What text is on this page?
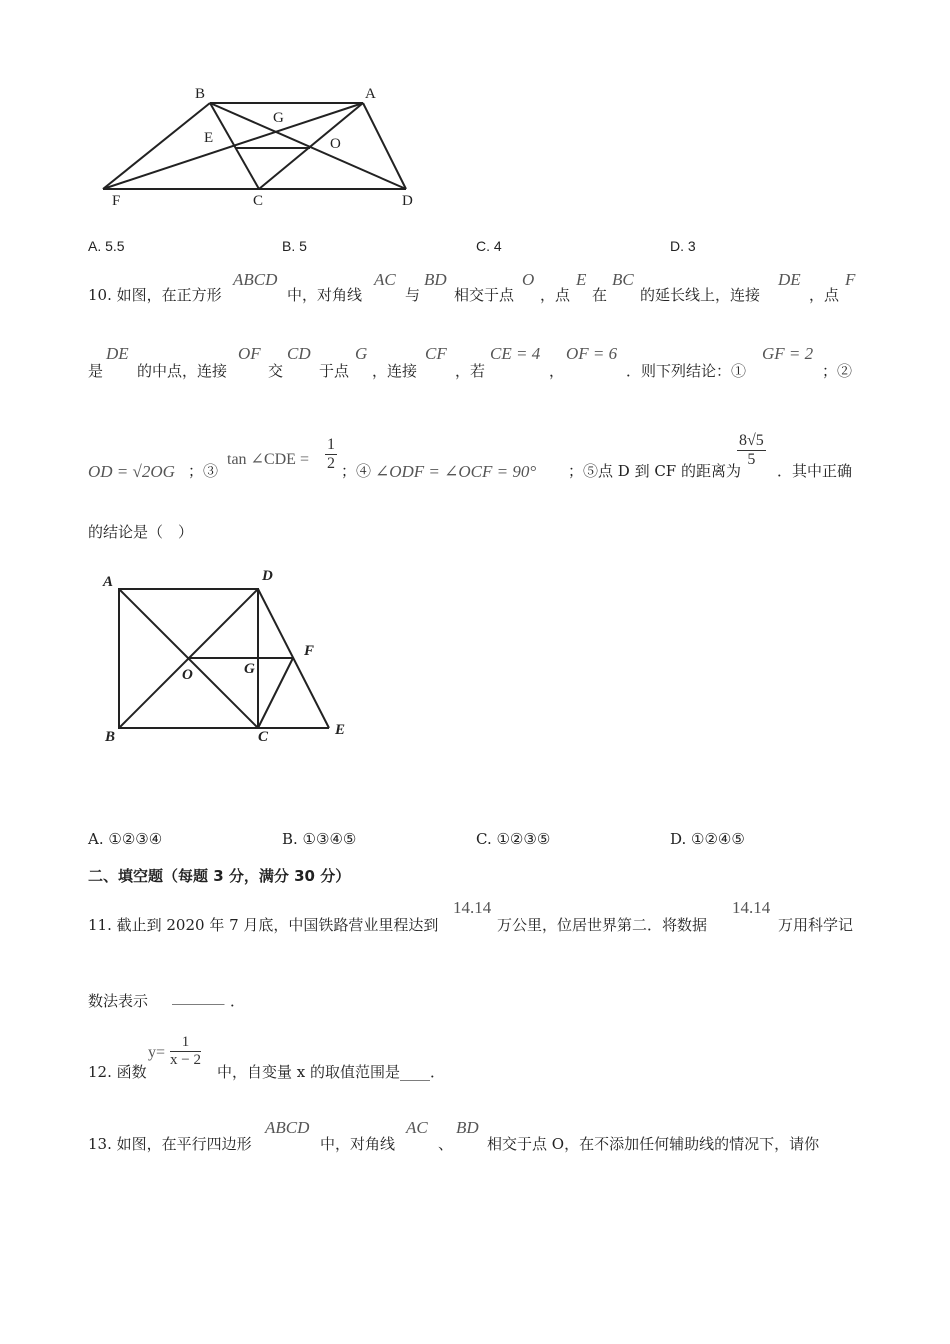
B	A
G
E	O
F	C	D
A. 5.5	B. 5	C. 4	D. 3
10. 如图，在正方形
ABCD
中，对角线
AC
与
BD
相交于点
O
，点
E
在
BC
的延长线上，连接
DE
，点
F
是
DE
的中点，连接
OF
交
CD
于点
G
，连接
CF
，若
CE = 4
，
OF = 6
．则下列结论：①
GF = 2
；②
OD = √2OG ；③
tan ∠CDE = $\frac{1}{2}$ ；④ ∠ODF = ∠OCF = 90° ；⑤点 D 到 CF 的距离为
$\frac{8√5}{5}$
．其中正确
的结论是（　）
A	D
F
O	G
B	C	E
A. ①②③④	B. ①③④⑤	C. ①②③⑤	D. ①②④⑤
二、填空题（每题 3 分，满分 30 分）
11. 截止到 2020 年 7 月底，中国铁路营业里程达到
14.14
万公里，位居世界第二．将数据
14.14
万用科学记
数法表示 _______ ．
12. 函数
$y= \frac{1}{x - 2}$
中，自变量 x 的取值范围是____．
13. 如图，在平行四边形
ABCD
中，对角线
AC
、
BD
相交于点 O，在不添加任何辅助线的情况下，请你
